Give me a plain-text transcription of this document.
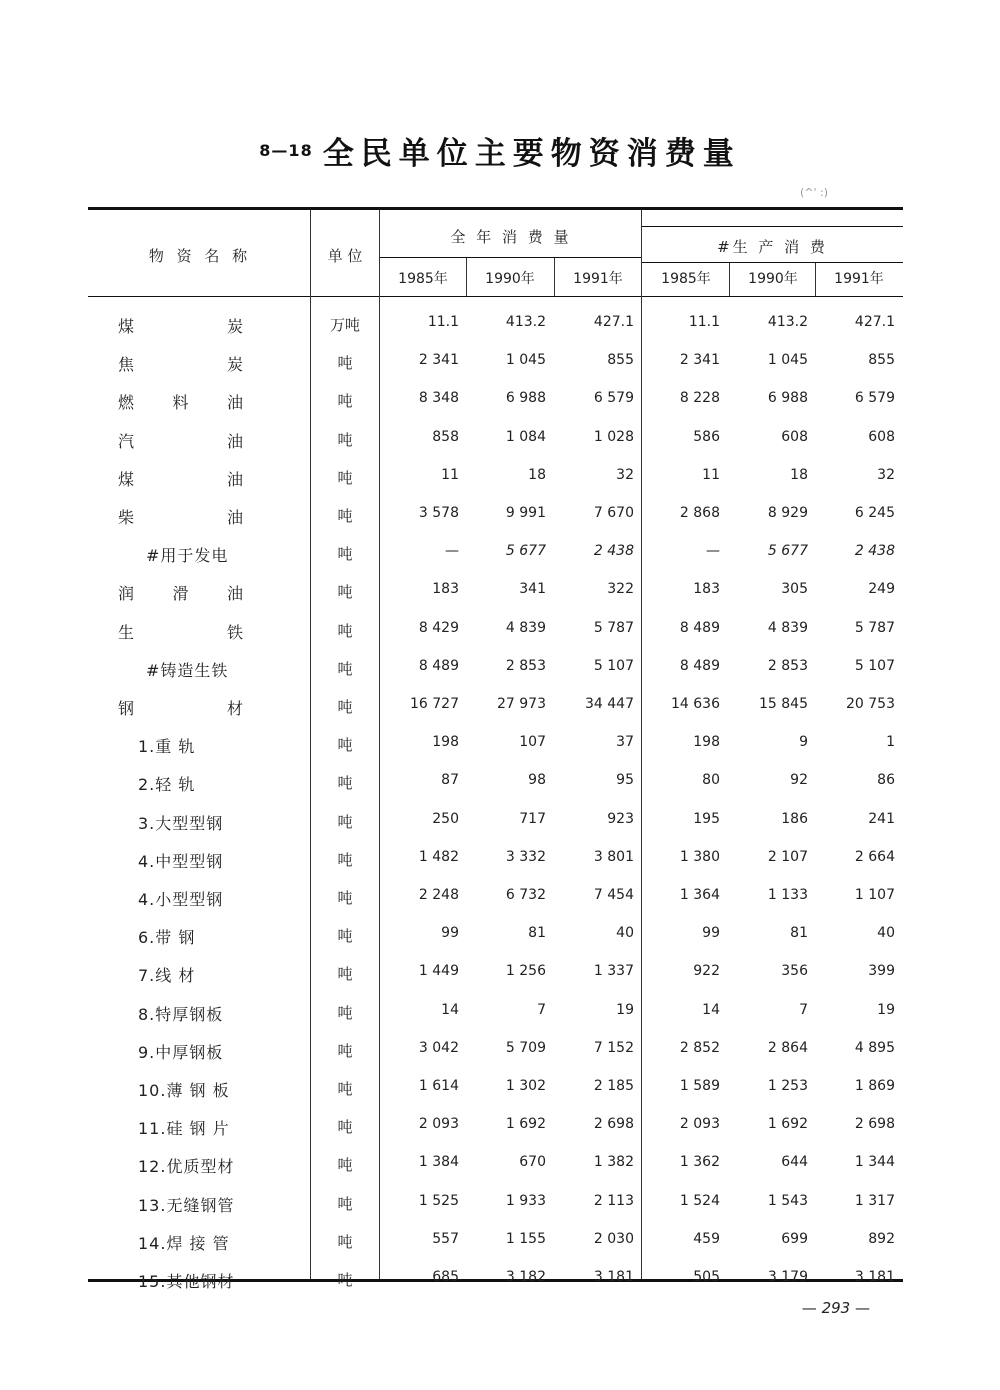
8—18 全民单位主要物资消费量
(^' :)
物 资 名 称	单 位
全 年 消 费 量
#生 产 消 费
1985年	1990年	1991年	1985年	1990年	1991年
煤	炭	万吨	11.1	413.2	427.1	11.1	413.2	427.1
焦	炭	吨	2 341	1 045	855	2 341	1 045	855
燃 料 油	吨	8 348	6 988	6 579	8 228	6 988	6 579
汽	油	吨	858	1 084	1 028	586	608	608
煤	油	吨	11	18	32	11	18	32
柴	油	吨	3 578	9 991	7 670	2 868	8 929	6 245
#用于发电	吨	—	5 677	2 438	—	5 677	2 438
润 滑 油	吨	183	341	322	183	305	249
生	铁	吨	8 429	4 839	5 787	8 489	4 839	5 787
#铸造生铁	吨	8 489	2 853	5 107	8 489	2 853	5 107
钢	材	吨	16 727	27 973	34 447	14 636	15 845	20 753
1.重 轨	吨	198	107	37	198	9	1
2.轻 轨	吨	87	98	95	80	92	86
3.大型型钢	吨	250	717	923	195	186	241
4.中型型钢	吨	1 482	3 332	3 801	1 380	2 107	2 664
4.小型型钢	吨	2 248	6 732	7 454	1 364	1 133	1 107
6.带 钢	吨	99	81	40	99	81	40
7.线 材	吨	1 449	1 256	1 337	922	356	399
8.特厚钢板	吨	14	7	19	14	7	19
9.中厚钢板	吨	3 042	5 709	7 152	2 852	2 864	4 895
10.薄 钢 板	吨	1 614	1 302	2 185	1 589	1 253	1 869
11.硅 钢 片	吨	2 093	1 692	2 698	2 093	1 692	2 698
12.优质型材	吨	1 384	670	1 382	1 362	644	1 344
13.无缝钢管	吨	1 525	1 933	2 113	1 524	1 543	1 317
14.焊 接 管	吨	557	1 155	2 030	459	699	892
15.其他钢材	吨	685	3 182	3 181	505	3 179	3 181
— 293 —
